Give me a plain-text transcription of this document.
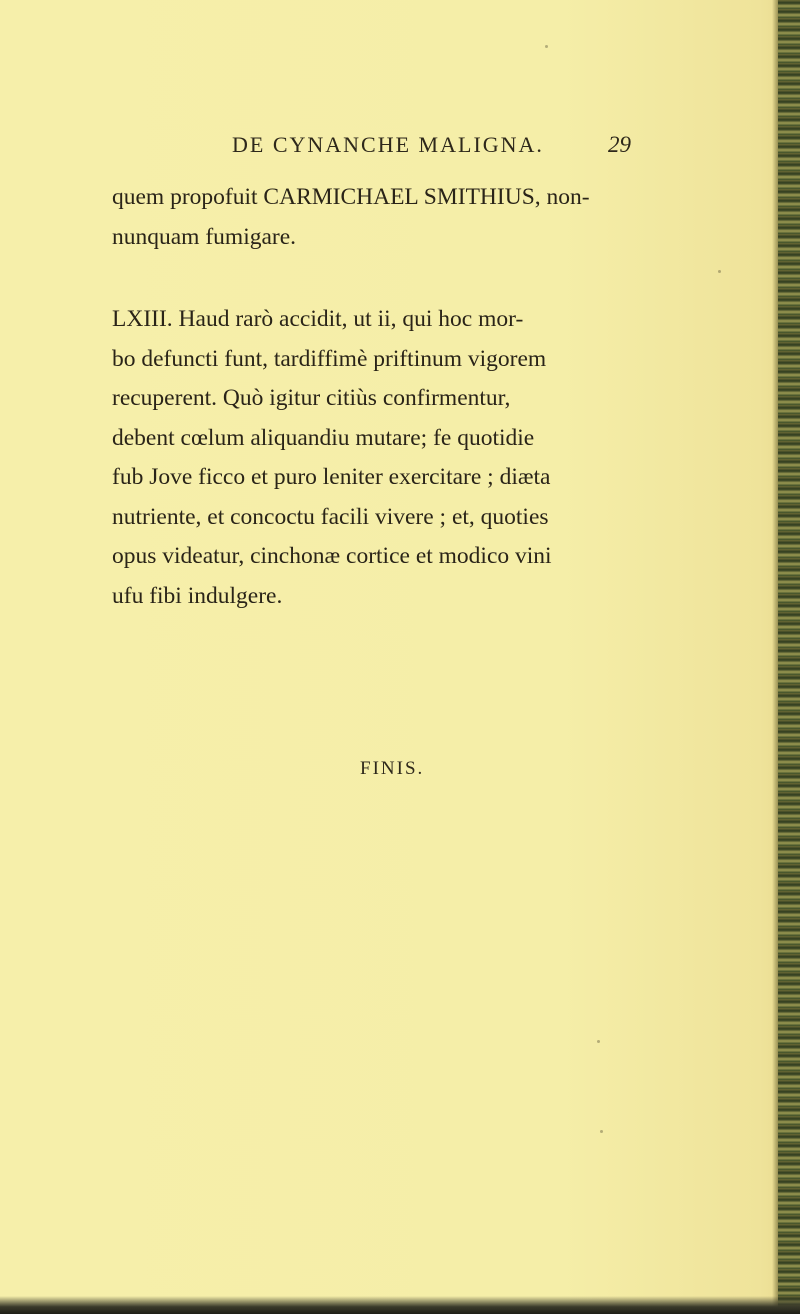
DE CYNANCHE MALIGNA.	29
quem propofuit CARMICHAEL SMITHIUS, non-
nunquam fumigare.
LXIII. Haud rarò accidit, ut ii, qui hoc mor-
bo defuncti funt, tardiffimè priftinum vigorem
recuperent. Quò igitur citiùs confirmentur,
debent cœlum aliquandiu mutare; fe quotidie
fub Jove ficco et puro leniter exercitare ; diæta
nutriente, et concoctu facili vivere ; et, quoties
opus videatur, cinchonæ cortice et modico vini
ufu fibi indulgere.
FINIS.
